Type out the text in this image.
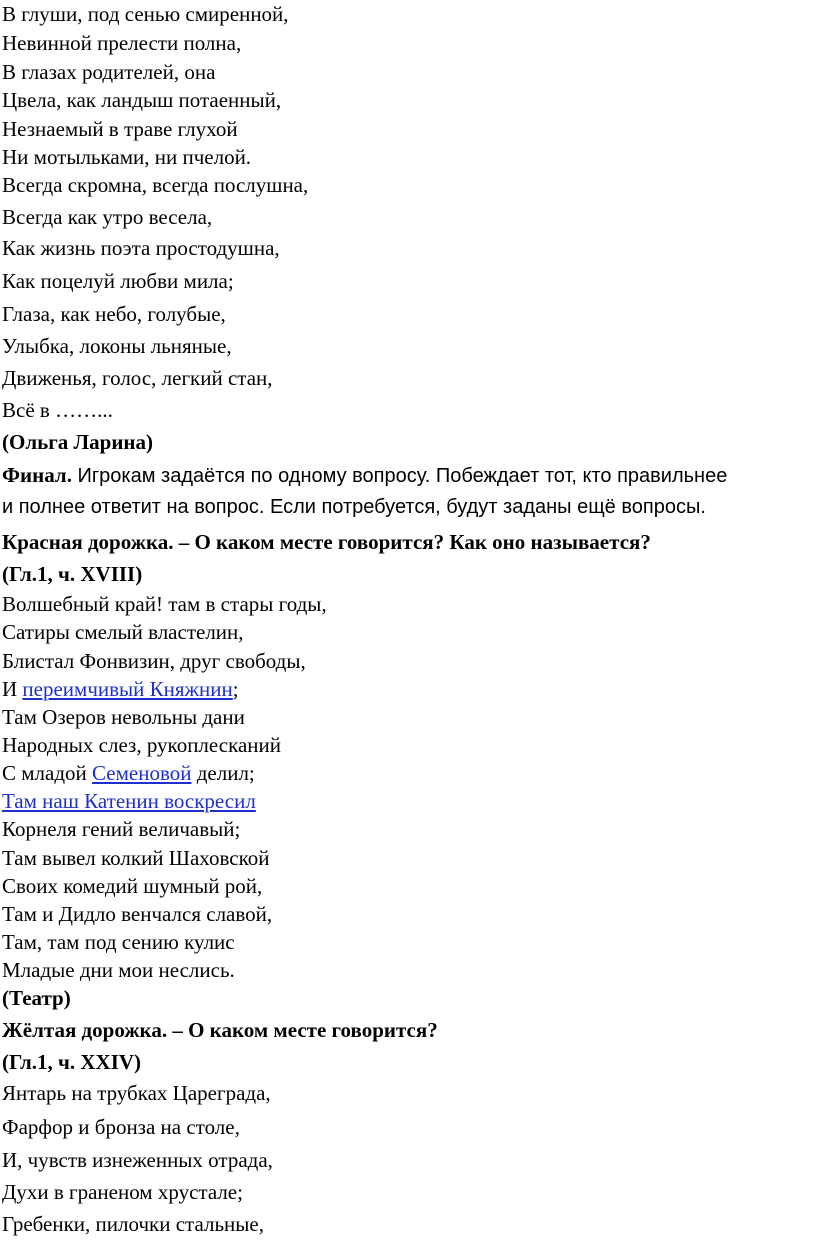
В глуши, под сенью смиренной,
Невинной прелести полна,
В глазах родителей, она
Цвела, как ландыш потаенный,
Незнаемый в траве глухой
Ни мотыльками, ни пчелой.
Всегда скромна, всегда послушна,
Всегда как утро весела,
Как жизнь поэта простодушна,
Как поцелуй любви мила;
Глаза, как небо, голубые,
Улыбка, локоны льняные,
Движенья, голос, легкий стан,
Всё в ……...
(Ольга Ларина)
Финал. Игрокам задаётся по одному вопросу. Побеждает тот, кто правильнее
и полнее ответит на вопрос. Если потребуется, будут заданы ещё вопросы.
Красная дорожка. – О каком месте говорится? Как оно называется?
(Гл.1, ч. XVIII)
Волшебный край! там в стары годы,
Сатиры смелый властелин,
Блистал Фонвизин, друг свободы,
И переимчивый Княжнин;
Там Озеров невольны дани
Народных слез, рукоплесканий
С младой Семеновой делил;
Там наш Катенин воскресил
Корнеля гений величавый;
Там вывел колкий Шаховской
Своих комедий шумный рой,
Там и Дидло венчался славой,
Там, там под сению кулис
Младые дни мои неслись.
(Театр)
Жёлтая дорожка. – О каком месте говорится?
(Гл.1, ч. XXIV)
Янтарь на трубках Цареграда,
Фарфор и бронза на столе,
И, чувств изнеженных отрада,
Духи в граненом хрустале;
Гребенки, пилочки стальные,
